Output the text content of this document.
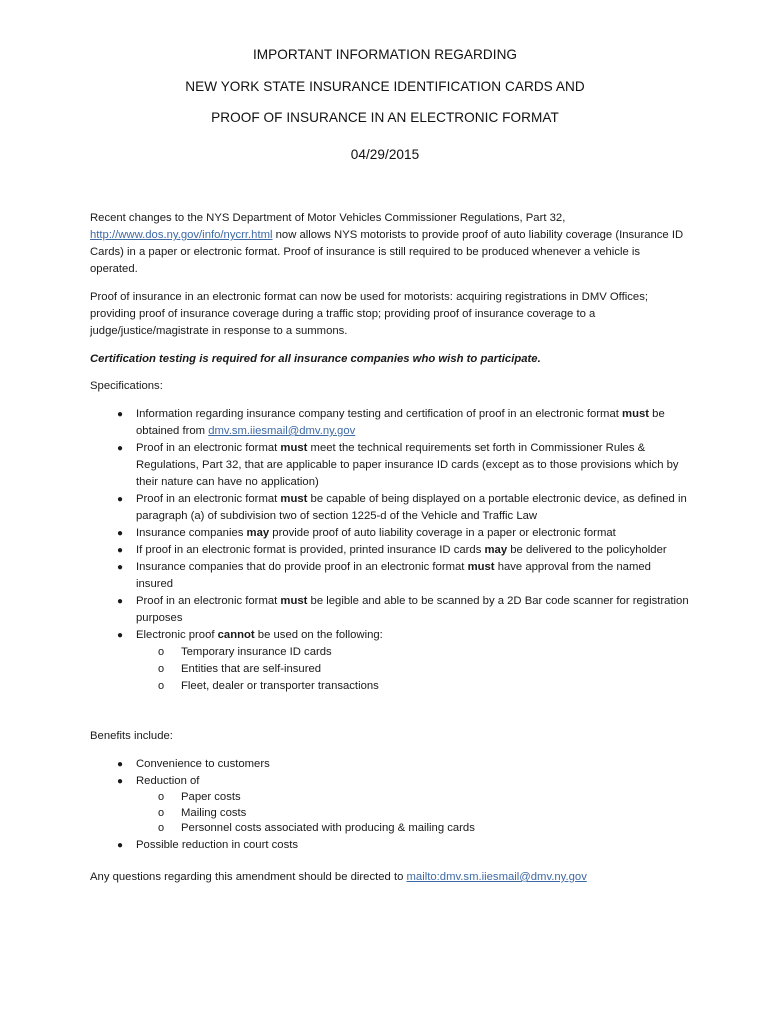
IMPORTANT INFORMATION REGARDING
NEW YORK STATE INSURANCE IDENTIFICATION CARDS AND
PROOF OF INSURANCE IN AN ELECTRONIC FORMAT
04/29/2015
Recent changes to the NYS Department of Motor Vehicles Commissioner Regulations, Part 32,
http://www.dos.ny.gov/info/nycrr.html now allows NYS motorists to provide proof of auto liability coverage (Insurance ID Cards) in a paper or electronic format. Proof of insurance is still required to be produced whenever a vehicle is operated.
Proof of insurance in an electronic format can now be used for motorists: acquiring registrations in DMV Offices; providing proof of insurance coverage during a traffic stop; providing proof of insurance coverage to a judge/justice/magistrate in response to a summons.
Certification testing is required for all insurance companies who wish to participate.
Specifications:
● Information regarding insurance company testing and certification of proof in an electronic format must be obtained from dmv.sm.iiesmail@dmv.ny.gov
● Proof in an electronic format must meet the technical requirements set forth in Commissioner Rules & Regulations, Part 32, that are applicable to paper insurance ID cards (except as to those provisions which by their nature can have no application)
● Proof in an electronic format must be capable of being displayed on a portable electronic device, as defined in paragraph (a) of subdivision two of section 1225-d of the Vehicle and Traffic Law
● Insurance companies may provide proof of auto liability coverage in a paper or electronic format
● If proof in an electronic format is provided, printed insurance ID cards may be delivered to the policyholder
● Insurance companies that do provide proof in an electronic format must have approval from the named insured
● Proof in an electronic format must be legible and able to be scanned by a 2D Bar code scanner for registration purposes
● Electronic proof cannot be used on the following:
o Temporary insurance ID cards
o Entities that are self-insured
o Fleet, dealer or transporter transactions
Benefits include:
● Convenience to customers
● Reduction of
o Paper costs
o Mailing costs
o Personnel costs associated with producing & mailing cards
● Possible reduction in court costs
Any questions regarding this amendment should be directed to mailto:dmv.sm.iiesmail@dmv.ny.gov
